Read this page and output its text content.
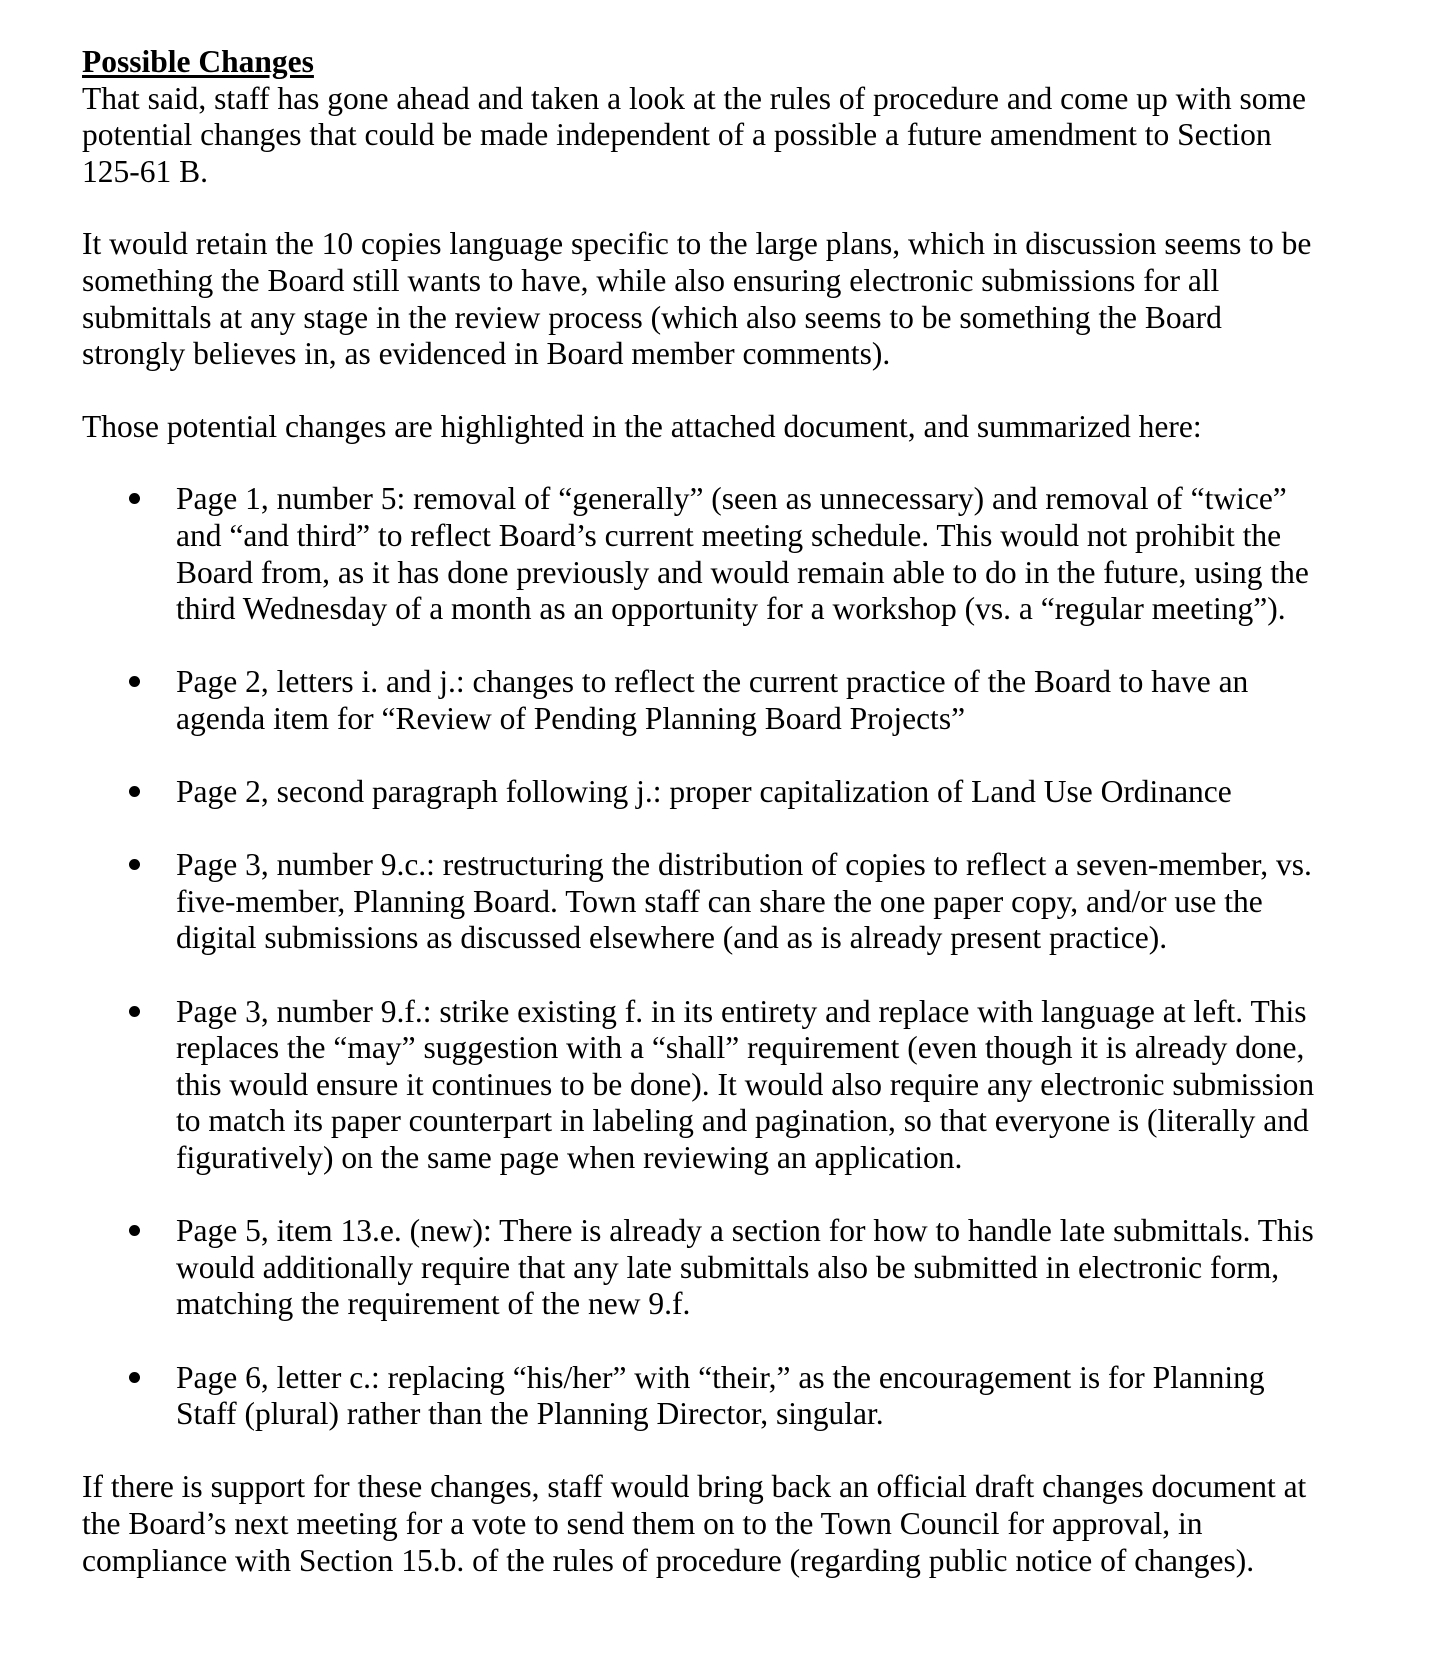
Possible Changes

That said, staff has gone ahead and taken a look at the rules of procedure and come up with some potential changes that could be made independent of a possible a future amendment to Section 125-61 B.

It would retain the 10 copies language specific to the large plans, which in discussion seems to be something the Board still wants to have, while also ensuring electronic submissions for all submittals at any stage in the review process (which also seems to be something the Board strongly believes in, as evidenced in Board member comments).

Those potential changes are highlighted in the attached document, and summarized here:

Page 1, number 5: removal of “generally” (seen as unnecessary) and removal of “twice” and “and third” to reflect Board’s current meeting schedule. This would not prohibit the Board from, as it has done previously and would remain able to do in the future, using the third Wednesday of a month as an opportunity for a workshop (vs. a “regular meeting”).
Page 2, letters i. and j.: changes to reflect the current practice of the Board to have an agenda item for “Review of Pending Planning Board Projects”
Page 2, second paragraph following j.: proper capitalization of Land Use Ordinance
Page 3, number 9.c.: restructuring the distribution of copies to reflect a seven-member, vs. five-member, Planning Board. Town staff can share the one paper copy, and/or use the digital submissions as discussed elsewhere (and as is already present practice).
Page 3, number 9.f.: strike existing f. in its entirety and replace with language at left. This replaces the “may” suggestion with a “shall” requirement (even though it is already done, this would ensure it continues to be done). It would also require any electronic submission to match its paper counterpart in labeling and pagination, so that everyone is (literally and figuratively) on the same page when reviewing an application.
Page 5, item 13.e. (new): There is already a section for how to handle late submittals. This would additionally require that any late submittals also be submitted in electronic form, matching the requirement of the new 9.f.
Page 6, letter c.: replacing “his/her” with “their,” as the encouragement is for Planning Staff (plural) rather than the Planning Director, singular.

If there is support for these changes, staff would bring back an official draft changes document at the Board’s next meeting for a vote to send them on to the Town Council for approval, in compliance with Section 15.b. of the rules of procedure (regarding public notice of changes).
